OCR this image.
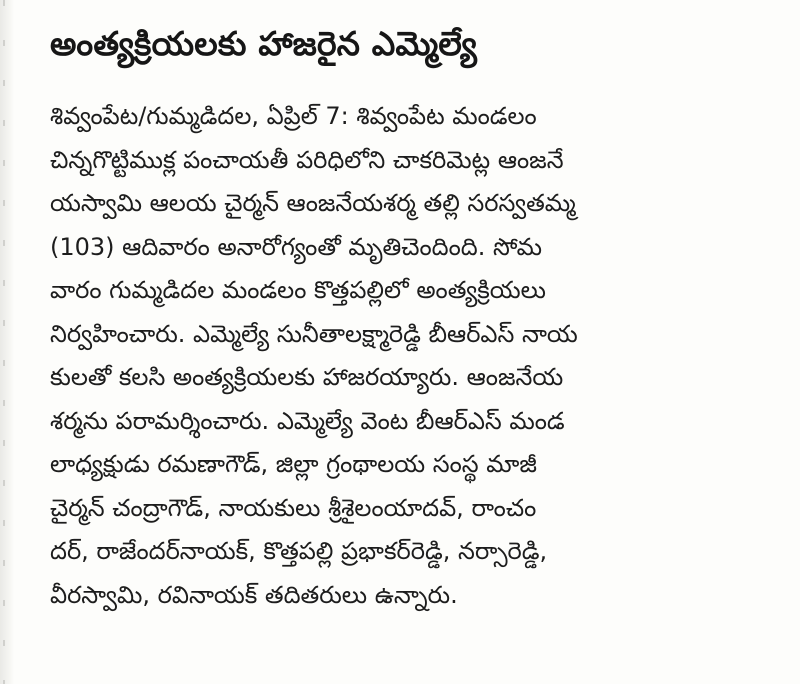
అంత్యక్రియలకు హాజరైన ఎమ్మెల్యే
శివ్వంపేట/గుమ్మడిదల, ఏప్రిల్ 7: శివ్వంపేట మండలం
చిన్నగొట్టిముక్ల పంచాయతీ పరిధిలోని చాకరిమెట్ల ఆంజనే
యస్వామి ఆలయ చైర్మన్ ఆంజనేయశర్మ తల్లి సరస్వతమ్మ
(103) ఆదివారం అనారోగ్యంతో మృతిచెందింది. సోమ
వారం గుమ్మడిదల మండలం కొత్తపల్లిలో అంత్యక్రియలు
నిర్వహించారు. ఎమ్మెల్యే సునీతాలక్ష్మారెడ్డి బీఆర్ఎస్ నాయ
కులతో కలసి అంత్యక్రియలకు హాజరయ్యారు. ఆంజనేయ
శర్మను పరామర్శించారు. ఎమ్మెల్యే వెంట బీఆర్ఎస్ మండ
లాధ్యక్షుడు రమణాగౌడ్, జిల్లా గ్రంథాలయ సంస్థ మాజీ
చైర్మన్ చంద్రాగౌడ్, నాయకులు శ్రీశైలంయాదవ్, రాంచం
దర్, రాజేందర్‌నాయక్, కొత్తపల్లి ప్రభాకర్‌రెడ్డి, నర్సారెడ్డి,
వీరస్వామి, రవినాయక్ తదితరులు ఉన్నారు.
